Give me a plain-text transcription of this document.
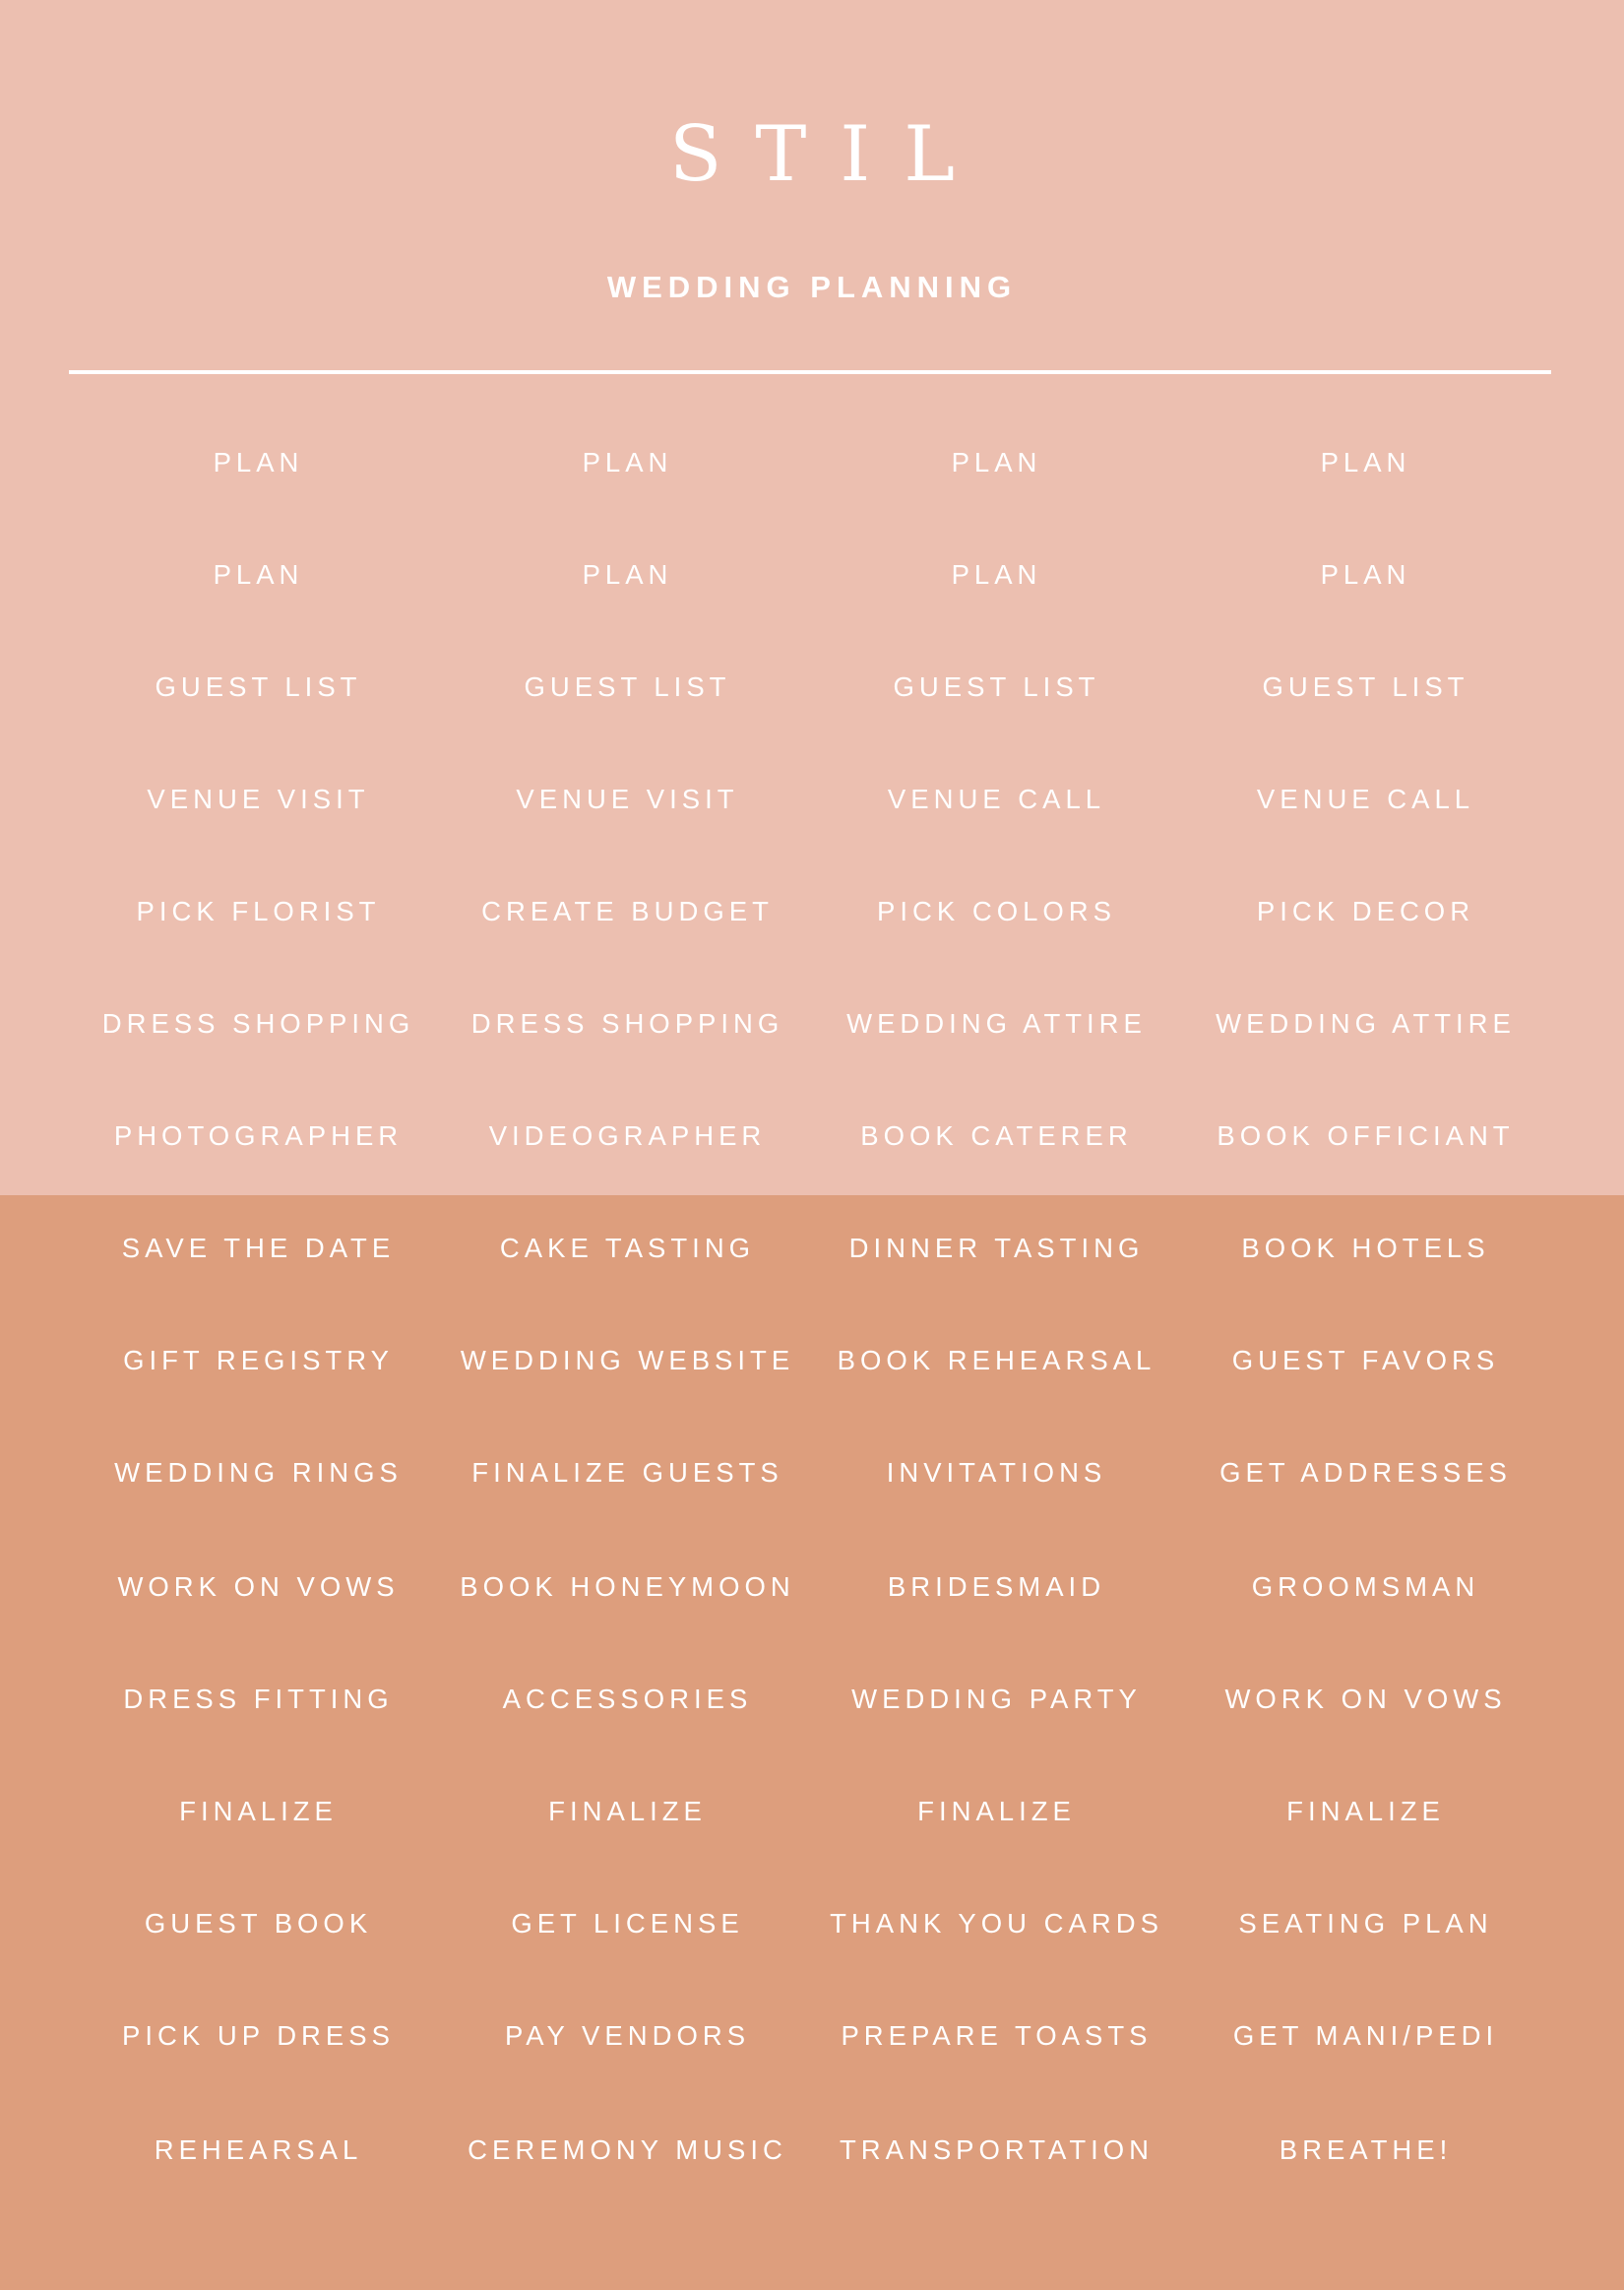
STIL
WEDDING PLANNING
PLAN	PLAN	PLAN	PLAN
PLAN	PLAN	PLAN	PLAN
GUEST LIST	GUEST LIST	GUEST LIST	GUEST LIST
VENUE VISIT	VENUE VISIT	VENUE CALL	VENUE CALL
PICK FLORIST	CREATE BUDGET	PICK COLORS	PICK DECOR
DRESS SHOPPING	DRESS SHOPPING	WEDDING ATTIRE	WEDDING ATTIRE
PHOTOGRAPHER	VIDEOGRAPHER	BOOK CATERER	BOOK OFFICIANT
SAVE THE DATE	CAKE TASTING	DINNER TASTING	BOOK HOTELS
GIFT REGISTRY	WEDDING WEBSITE	BOOK REHEARSAL	GUEST FAVORS
WEDDING RINGS	FINALIZE GUESTS	INVITATIONS	GET ADDRESSES
WORK ON VOWS	BOOK HONEYMOON	BRIDESMAID	GROOMSMAN
DRESS FITTING	ACCESSORIES	WEDDING PARTY	WORK ON VOWS
FINALIZE	FINALIZE	FINALIZE	FINALIZE
GUEST BOOK	GET LICENSE	THANK YOU CARDS	SEATING PLAN
PICK UP DRESS	PAY VENDORS	PREPARE TOASTS	GET MANI/PEDI
REHEARSAL	CEREMONY MUSIC	TRANSPORTATION	BREATHE!
